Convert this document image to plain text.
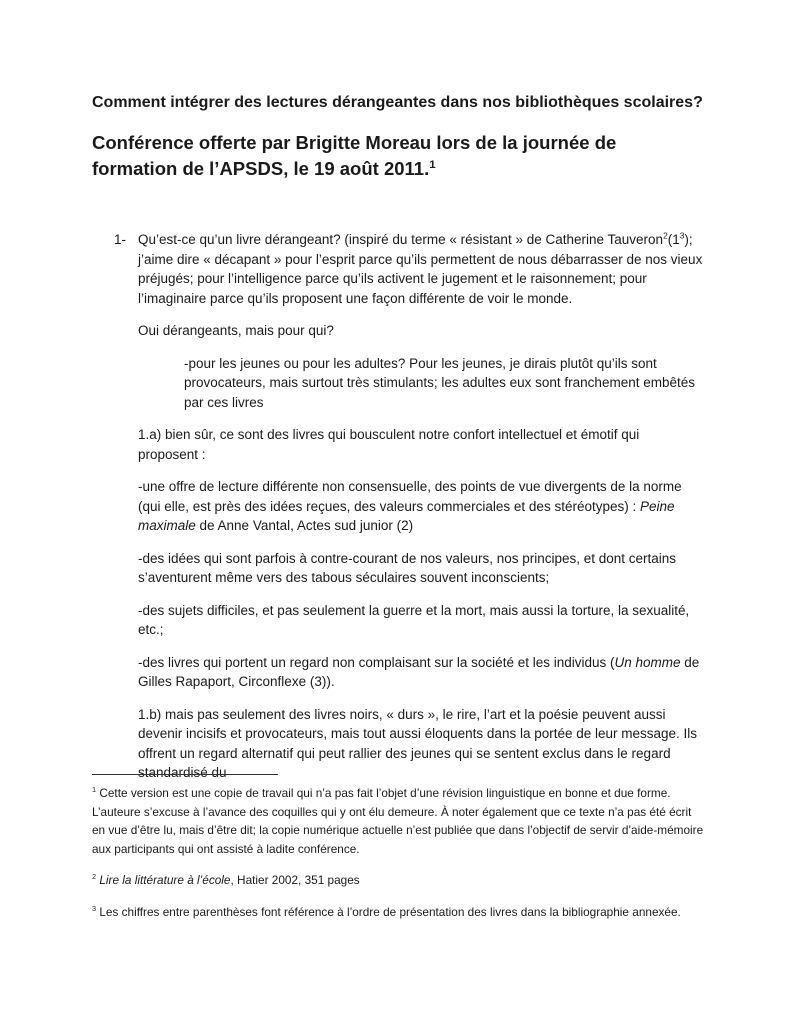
Comment intégrer des lectures dérangeantes dans nos bibliothèques scolaires?
Conférence offerte par Brigitte Moreau lors de la journée de formation de l’APSDS, le 19 août 2011.$^1$

1- Qu’est-ce qu’un livre dérangeant? (inspiré du terme « résistant » de Catherine $Tauveron^2(1^3)$; j’aime dire « décapant » pour l’esprit parce qu’ils permettent de nous débarrasser de nos vieux préjugés; pour l’intelligence parce qu’ils activent le jugement et le raisonnement; pour l’imaginaire parce qu’ils proposent une façon différente de voir le monde.

Oui dérangeants, mais pour qui?

-pour les jeunes ou pour les adultes? Pour les jeunes, je dirais plutôt qu’ils sont provocateurs, mais surtout très stimulants; les adultes eux sont franchement embêtés par ces livres

1.a) bien sûr, ce sont des livres qui bousculent notre confort intellectuel et émotif qui proposent :

-une offre de lecture différente non consensuelle, des points de vue divergents de la norme (qui elle, est près des idées reçues, des valeurs commerciales et des stéréotypes) : Peine maximale de Anne Vantal, Actes sud junior (2)

-des idées qui sont parfois à contre-courant de nos valeurs, nos principes, et dont certains s’aventurent même vers des tabous séculaires souvent inconscients;

-des sujets difficiles, et pas seulement la guerre et la mort, mais aussi la torture, la sexualité, etc.;

-des livres qui portent un regard non complaisant sur la société et les individus (Un homme de Gilles Rapaport, Circonflexe (3)).

1.b) mais pas seulement des livres noirs, « durs », le rire, l’art et la poésie peuvent aussi devenir incisifs et provocateurs, mais tout aussi éloquents dans la portée de leur message. Ils offrent un regard alternatif qui peut rallier des jeunes qui se sentent exclus dans le regard standardisé du

$^1$ Cette version est une copie de travail qui n’a pas fait l’objet d’une révision linguistique en bonne et due forme. L’auteure s’excuse à l’avance des coquilles qui y ont élu demeure. À noter également que ce texte n’a pas été écrit en vue d’être lu, mais d’être dit; la copie numérique actuelle n’est publiée que dans l’objectif de servir d’aide-mémoire aux participants qui ont assisté à ladite conférence.

$^2$ Lire la littérature à l’école, Hatier 2002, 351 pages

$^3$ Les chiffres entre parenthèses font référence à l’ordre de présentation des livres dans la bibliographie annexée.
